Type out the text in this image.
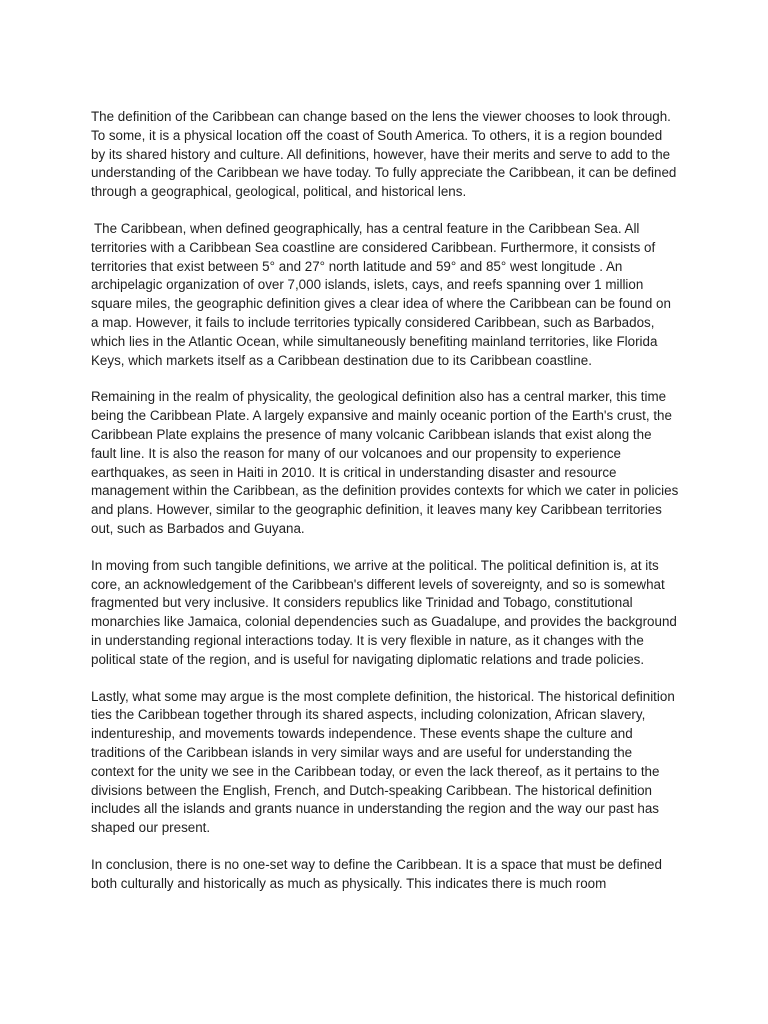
The definition of the Caribbean can change based on the lens the viewer chooses to look through. To some, it is a physical location off the coast of South America. To others, it is a region bounded by its shared history and culture. All definitions, however, have their merits and serve to add to the understanding of the Caribbean we have today. To fully appreciate the Caribbean, it can be defined through a geographical, geological, political, and historical lens.

The Caribbean, when defined geographically, has a central feature in the Caribbean Sea. All territories with a Caribbean Sea coastline are considered Caribbean. Furthermore, it consists of territories that exist between 5° and 27° north latitude and 59° and 85° west longitude . An archipelagic organization of over 7,000 islands, islets, cays, and reefs spanning over 1 million square miles, the geographic definition gives a clear idea of where the Caribbean can be found on a map. However, it fails to include territories typically considered Caribbean, such as Barbados, which lies in the Atlantic Ocean, while simultaneously benefiting mainland territories, like Florida Keys, which markets itself as a Caribbean destination due to its Caribbean coastline.

Remaining in the realm of physicality, the geological definition also has a central marker, this time being the Caribbean Plate. A largely expansive and mainly oceanic portion of the Earth's crust, the Caribbean Plate explains the presence of many volcanic Caribbean islands that exist along the fault line. It is also the reason for many of our volcanoes and our propensity to experience earthquakes, as seen in Haiti in 2010. It is critical in understanding disaster and resource management within the Caribbean, as the definition provides contexts for which we cater in policies and plans. However, similar to the geographic definition, it leaves many key Caribbean territories out, such as Barbados and Guyana.

In moving from such tangible definitions, we arrive at the political. The political definition is, at its core, an acknowledgement of the Caribbean's different levels of sovereignty, and so is somewhat fragmented but very inclusive. It considers republics like Trinidad and Tobago, constitutional monarchies like Jamaica, colonial dependencies such as Guadalupe, and provides the background in understanding regional interactions today. It is very flexible in nature, as it changes with the political state of the region, and is useful for navigating diplomatic relations and trade policies.

Lastly, what some may argue is the most complete definition, the historical. The historical definition ties the Caribbean together through its shared aspects, including colonization, African slavery, indentureship, and movements towards independence. These events shape the culture and traditions of the Caribbean islands in very similar ways and are useful for understanding the context for the unity we see in the Caribbean today, or even the lack thereof, as it pertains to the divisions between the English, French, and Dutch-speaking Caribbean. The historical definition includes all the islands and grants nuance in understanding the region and the way our past has shaped our present.

In conclusion, there is no one-set way to define the Caribbean. It is a space that must be defined both culturally and historically as much as physically. This indicates there is much room
